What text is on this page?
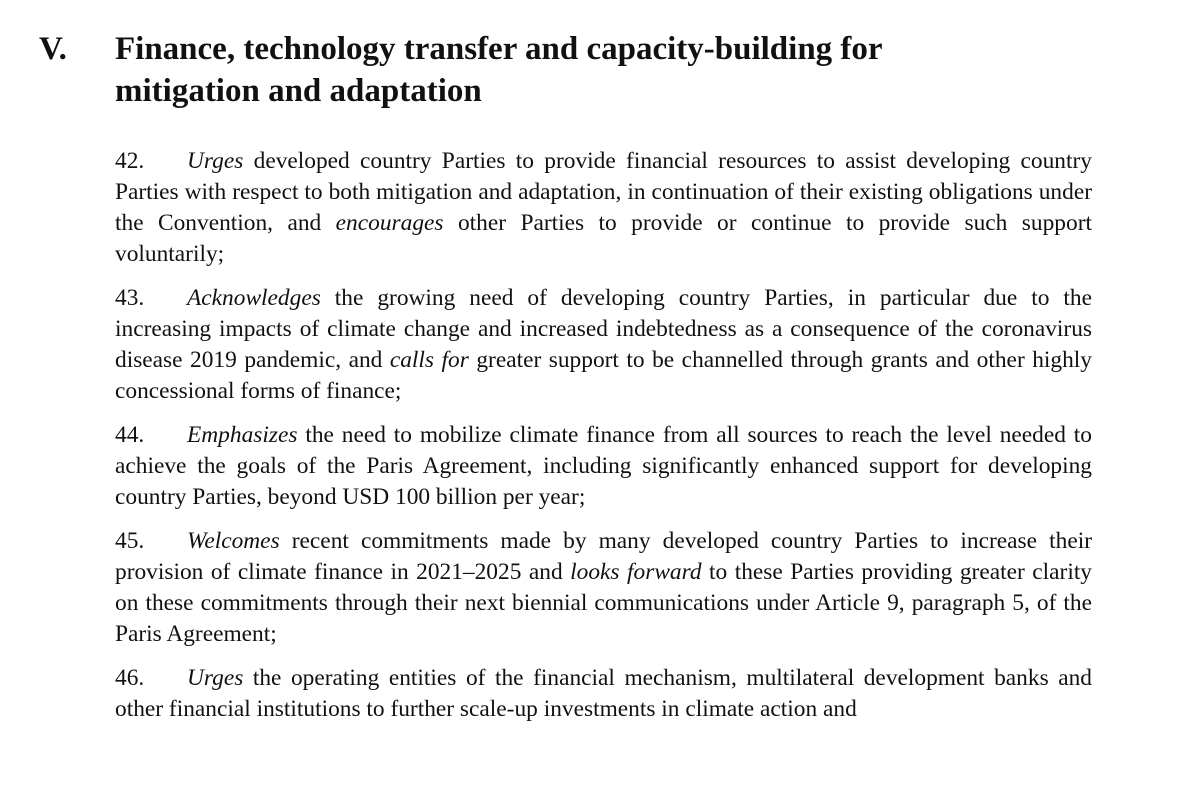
V.	Finance, technology transfer and capacity-building for mitigation and adaptation

42. Urges developed country Parties to provide financial resources to assist developing country Parties with respect to both mitigation and adaptation, in continuation of their existing obligations under the Convention, and encourages other Parties to provide or continue to provide such support voluntarily;

43. Acknowledges the growing need of developing country Parties, in particular due to the increasing impacts of climate change and increased indebtedness as a consequence of the coronavirus disease 2019 pandemic, and calls for greater support to be channelled through grants and other highly concessional forms of finance;

44. Emphasizes the need to mobilize climate finance from all sources to reach the level needed to achieve the goals of the Paris Agreement, including significantly enhanced support for developing country Parties, beyond USD 100 billion per year;

45. Welcomes recent commitments made by many developed country Parties to increase their provision of climate finance in 2021–2025 and looks forward to these Parties providing greater clarity on these commitments through their next biennial communications under Article 9, paragraph 5, of the Paris Agreement;

46. Urges the operating entities of the financial mechanism, multilateral development banks and other financial institutions to further scale-up investments in climate action and
